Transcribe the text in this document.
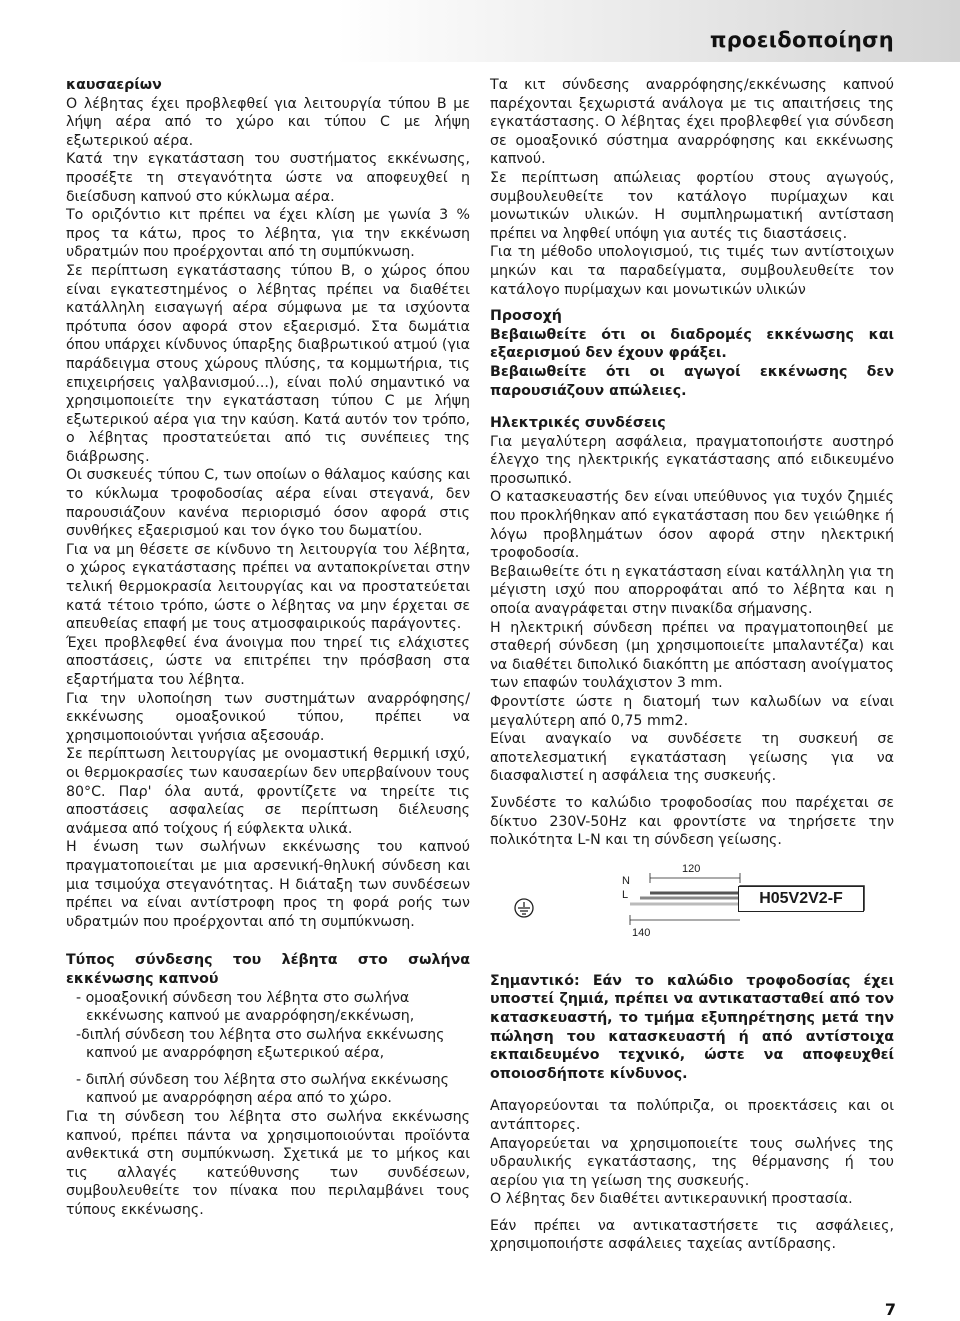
προειδοποίηση

καυσαερίων

Ο λέβητας έχει προβλεφθεί για λειτουργία τύπου B με λήψη αέρα από το χώρο και τύπου C με λήψη εξωτερικού αέρα.

Κατά την εγκατάσταση του συστήματος εκκένωσης, προσέξτε τη στεγανότητα ώστε να αποφευχθεί η διείσδυση καπνού στο κύκλωμα αέρα.

Το οριζόντιο κιτ πρέπει να έχει κλίση με γωνία 3 % προς τα κάτω, προς το λέβητα, για την εκκένωση υδρατμών που προέρχονται από τη συμπύκνωση.

Σε περίπτωση εγκατάστασης τύπου B, ο χώρος όπου είναι εγκατεστημένος ο λέβητας πρέπει να διαθέτει κατάλληλη εισαγωγή αέρα σύμφωνα με τα ισχύοντα πρότυπα όσον αφορά στον εξαερισμό. Στα δωμάτια όπου υπάρχει κίνδυνος ύπαρξης διαβρωτικού ατμού (για παράδειγμα στους χώρους πλύσης, τα κομμωτήρια, τις επιχειρήσεις γαλβανισμού...), είναι πολύ σημαντικό να χρησιμοποιείτε την εγκατάσταση τύπου C με λήψη εξωτερικού αέρα για την καύση. Κατά αυτόν τον τρόπο, ο λέβητας προστατεύεται από τις συνέπειες της διάβρωσης.

Οι συσκευές τύπου C, των οποίων ο θάλαμος καύσης και το κύκλωμα τροφοδοσίας αέρα είναι στεγανά, δεν παρουσιάζουν κανένα περιορισμό όσον αφορά στις συνθήκες εξαερισμού και τον όγκο του δωματίου.

Για να μη θέσετε σε κίνδυνο τη λειτουργία του λέβητα, ο χώρος εγκατάστασης πρέπει να ανταποκρίνεται στην τελική θερμοκρασία λειτουργίας και να προστατεύεται κατά τέτοιο τρόπο, ώστε ο λέβητας να μην έρχεται σε απευθείας επαφή με τους ατμοσφαιρικούς παράγοντες.

Έχει προβλεφθεί ένα άνοιγμα που τηρεί τις ελάχιστες αποστάσεις, ώστε να επιτρέπει την πρόσβαση στα εξαρτήματα του λέβητα.

Για την υλοποίηση των συστημάτων αναρρόφησης/εκκένωσης ομοαξονικού τύπου, πρέπει να χρησιμοποιούνται γνήσια αξεσουάρ.

Σε περίπτωση λειτουργίας με ονομαστική θερμική ισχύ, οι θερμοκρασίες των καυσαερίων δεν υπερβαίνουν τους 80°C. Παρ' όλα αυτά, φροντίζετε να τηρείτε τις αποστάσεις ασφαλείας σε περίπτωση διέλευσης ανάμεσα από τοίχους ή εύφλεκτα υλικά.

Η ένωση των σωλήνων εκκένωσης του καπνού πραγματοποιείται με μια αρσενική-θηλυκή σύνδεση και μια τσιμούχα στεγανότητας. Η διάταξη των συνδέσεων πρέπει να είναι αντίστροφη προς τη φορά ροής των υδρατμών που προέρχονται από τη συμπύκνωση.

Τύπος σύνδεσης του λέβητα στο σωλήνα εκκένωσης καπνού

- ομοαξονική σύνδεση του λέβητα στο σωλήνα εκκένωσης καπνού με αναρρόφηση/εκκένωση,

-διπλή σύνδεση του λέβητα στο σωλήνα εκκένωσης καπνού με αναρρόφηση εξωτερικού αέρα,

- διπλή σύνδεση του λέβητα στο σωλήνα εκκένωσης καπνού με αναρρόφηση αέρα από το χώρο.

Για τη σύνδεση του λέβητα στο σωλήνα εκκένωσης καπνού, πρέπει πάντα να χρησιμοποιούνται προϊόντα ανθεκτικά στη συμπύκνωση. Σχετικά με το μήκος και τις αλλαγές κατεύθυνσης των συνδέσεων, συμβουλευθείτε τον πίνακα που περιλαμβάνει τους τύπους εκκένωσης.

Τα κιτ σύνδεσης αναρρόφησης/εκκένωσης καπνού παρέχονται ξεχωριστά ανάλογα με τις απαιτήσεις της εγκατάστασης. Ο λέβητας έχει προβλεφθεί για σύνδεση σε ομοαξονικό σύστημα αναρρόφησης και εκκένωσης καπνού.

Σε περίπτωση απώλειας φορτίου στους αγωγούς, συμβουλευθείτε τον κατάλογο πυρίμαχων και μονωτικών υλικών. Η συμπληρωματική αντίσταση πρέπει να ληφθεί υπόψη για αυτές τις διαστάσεις.

Για τη μέθοδο υπολογισμού, τις τιμές των αντίστοιχων μηκών και τα παραδείγματα, συμβουλευθείτε τον κατάλογο πυρίμαχων και μονωτικών υλικών

Προσοχή

Βεβαιωθείτε ότι οι διαδρομές εκκένωσης και εξαερισμού δεν έχουν φράξει.

Βεβαιωθείτε ότι οι αγωγοί εκκένωσης δεν παρουσιάζουν απώλειες.

Ηλεκτρικές συνδέσεις

Για μεγαλύτερη ασφάλεια, πραγματοποιήστε αυστηρό έλεγχο της ηλεκτρικής εγκατάστασης από ειδικευμένο προσωπικό.

Ο κατασκευαστής δεν είναι υπεύθυνος για τυχόν ζημιές που προκλήθηκαν από εγκατάσταση που δεν γειώθηκε ή λόγω προβλημάτων όσον αφορά στην ηλεκτρική τροφοδοσία.

Βεβαιωθείτε ότι η εγκατάσταση είναι κατάλληλη για τη μέγιστη ισχύ που απορροφάται από το λέβητα και η οποία αναγράφεται στην πινακίδα σήμανσης.

Η ηλεκτρική σύνδεση πρέπει να πραγματοποιηθεί με σταθερή σύνδεση (μη χρησιμοποιείτε μπαλαντέζα) και να διαθέτει διπολικό διακόπτη με απόσταση ανοίγματος των επαφών τουλάχιστον 3 mm.

Φροντίστε ώστε η διατομή των καλωδίων να είναι μεγαλύτερη από 0,75 mm2.

Είναι αναγκαίο να συνδέσετε τη συσκευή σε αποτελεσματική εγκατάσταση γείωσης για να διασφαλιστεί η ασφάλεια της συσκευής.

Συνδέστε το καλώδιο τροφοδοσίας που παρέχεται σε δίκτυο 230V-50Hz και φροντίστε να τηρήσετε την πολικότητα L-N και τη σύνδεση γείωσης.

120
140
N
L	H05V2V2-F

Σημαντικό: Εάν το καλώδιο τροφοδοσίας έχει υποστεί ζημιά, πρέπει να αντικατασταθεί από τον κατασκευαστή, το τμήμα εξυπηρέτησης μετά την πώληση του κατασκευαστή ή από αντίστοιχα εκπαιδευμένο τεχνικό, ώστε να αποφευχθεί οποιοσδήποτε κίνδυνος.

Απαγορεύονται τα πολύπριζα, οι προεκτάσεις και οι αντάπτορες.

Απαγορεύεται να χρησιμοποιείτε τους σωλήνες της υδραυλικής εγκατάστασης, της θέρμανσης ή του αερίου για τη γείωση της συσκευής.

Ο λέβητας δεν διαθέτει αντικεραυνική προστασία.

Εάν πρέπει να αντικαταστήσετε τις ασφάλειες, χρησιμοποιήστε ασφάλειες ταχείας αντίδρασης.

7
